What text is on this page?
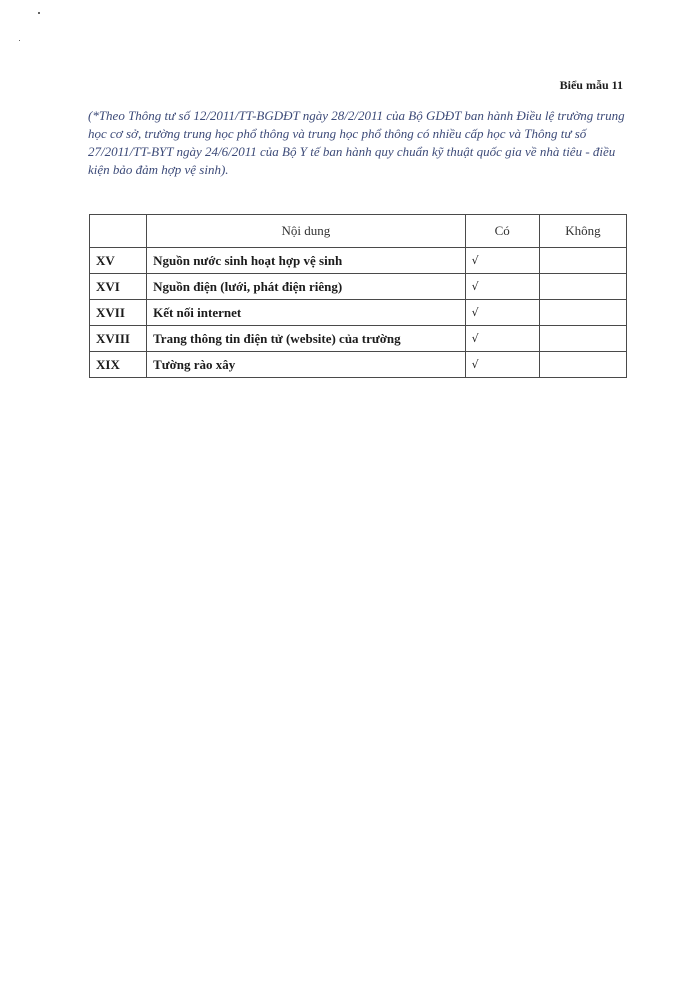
Biểu mẫu 11

(*Theo Thông tư số 12/2011/TT-BGDĐT ngày 28/2/2011 của Bộ GDĐT ban hành Điều lệ trường trung học cơ sở, trường trung học phổ thông và trung học phổ thông có nhiều cấp học và Thông tư số 27/2011/TT-BYT ngày 24/6/2011 của Bộ Y tế ban hành quy chuẩn kỹ thuật quốc gia về nhà tiêu - điều kiện bảo đảm hợp vệ sinh).

	Nội dung	Có	Không
XV	Nguồn nước sinh hoạt hợp vệ sinh	√	
XVI	Nguồn điện (lưới, phát điện riêng)	√	
XVII	Kết nối internet	√	
XVIII	Trang thông tin điện tử (website) của trường	√	
XIX	Tường rào xây	√	
